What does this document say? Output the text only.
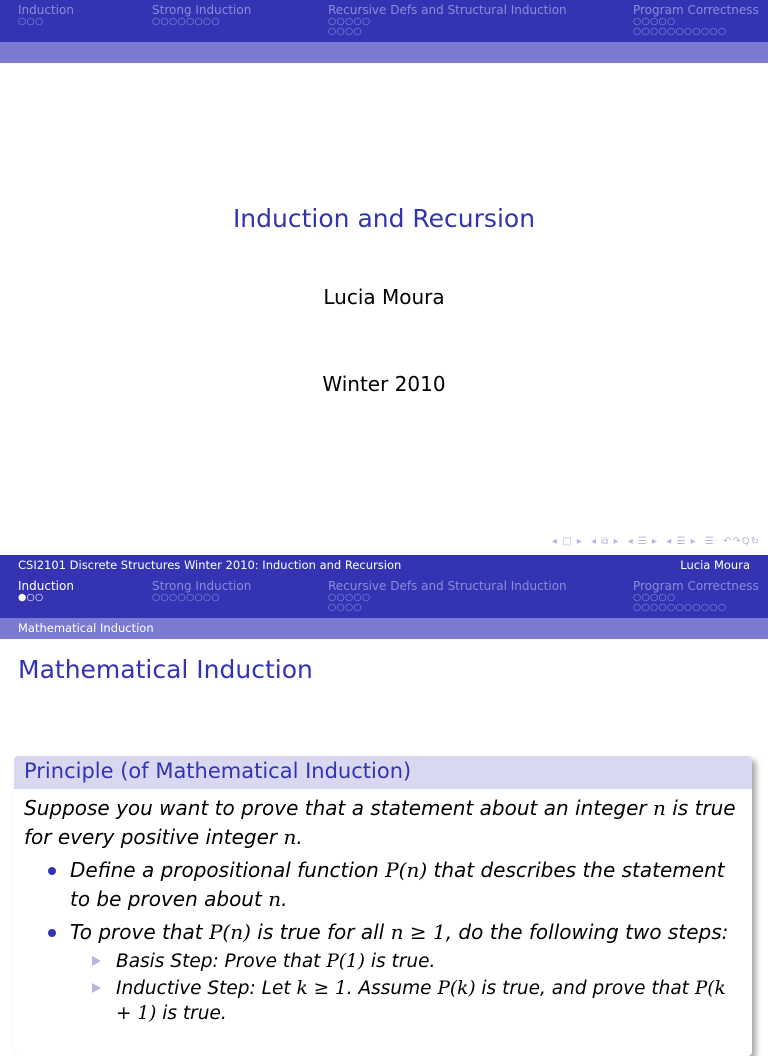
Induction
○○○
Strong Induction
○○○○○○○○
Recursive Defs and Structural Induction
○○○○○
○○○○
Program Correctness
○○○○○
○○○○○○○○○○○
Induction and Recursion
Lucia Moura
Winter 2010
◂ □ ▸ ◂ ⧉ ▸ ◂ ☰ ▸ ◂ ☰ ▸ ☰ ↶↷Q↻
CSI2101 Discrete Structures Winter 2010: Induction and Recursion	Lucia Moura
Induction
●○○
Strong Induction
○○○○○○○○
Recursive Defs and Structural Induction
○○○○○
○○○○
Program Correctness
○○○○○
○○○○○○○○○○○
Mathematical Induction
Mathematical Induction
Principle (of Mathematical Induction)

Suppose you want to prove that a statement about an integer n is true for every positive integer n.

Define a propositional function P(n) that describes the statement to be proven about n.
To prove that P(n) is true for all n ≥ 1, do the following two steps:
Basis Step: Prove that P(1) is true.
Inductive Step: Let k ≥ 1. Assume P(k) is true, and prove that P(k + 1) is true.
